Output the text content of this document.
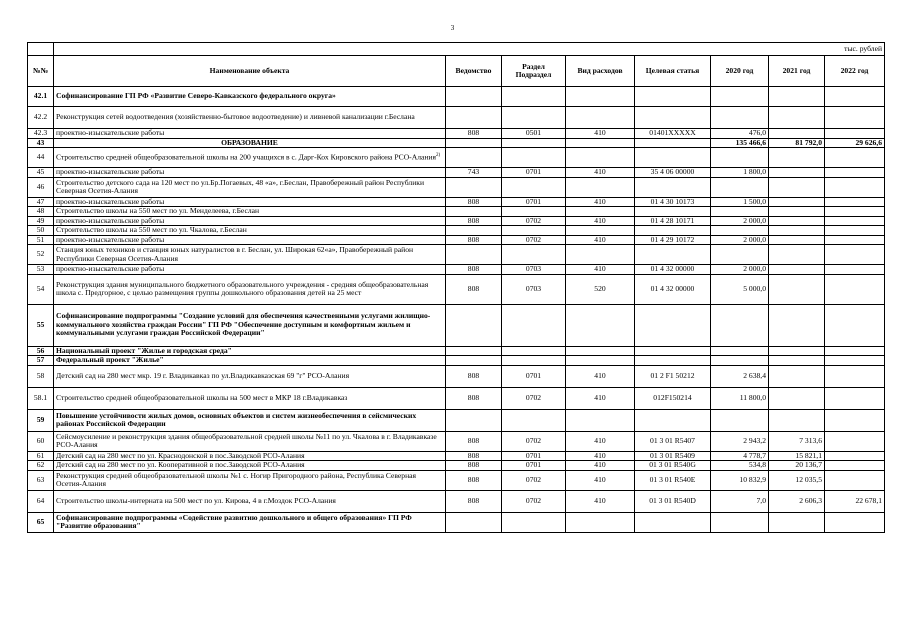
3
	тыс. рублей							
№№	Наименование объекта	Ведомство	Раздел Подраздел	Вид расходов	Целевая статья	2020 год	2021 год	2022 год
42.1	Софинансирование ГП РФ «Развитие Северо-Кавказского федерального округа»							
42.2	Реконструкция сетей водоотведения (хозяйственно-бытовое водоотведение) и ливневой канализации г.Беслана							
42.3	проектно-изыскательские работы	808	0501	410	01401XXXXX	476,0		
43	ОБРАЗОВАНИЕ					135 466,6	81 792,0	29 626,6
44	Строительство средней общеобразовательной школы на 200 учащихся в с. Дарг-Кох Кировского района РСО-Алания$^{2)}$							
45	проектно-изыскательские работы	743	0701	410	35 4 06 00000	1 800,0		
46	Строительство детского сада на 120 мест по ул.Бр.Погаевых, 48 «а», г.Беслан, Правобережный район Республики Северная Осетия-Алания							
47	проектно-изыскательские работы	808	0701	410	01 4 30 10173	1 500,0		
48	Строительство школы на 550 мест по ул. Менделеева, г.Беслан							
49	проектно-изыскательские работы	808	0702	410	01 4 28 10171	2 000,0		
50	Строительство школы на 550 мест по ул. Чкалова, г.Беслан							
51	проектно-изыскательские работы	808	0702	410	01 4 29 10172	2 000,0		
52	Станция юных техников и станция юных натуралистов в г. Беслан, ул. Широкая 62«а», Правобережный район Республики Северная Осетия-Алания							
53	проектно-изыскательские работы	808	0703	410	01 4 32 00000	2 000,0		
54	Реконструкция здания муниципального бюджетного образовательного учреждения - средняя общеобразовательная школа с. Предгорное, с целью размещения группы дошкольного образования детей на 25 мест	808	0703	520	01 4 32 00000	5 000,0		
55	Софинансирование подпрограммы "Создание условий для обеспечения качественными услугами жилищно-коммунального хозяйства граждан России" ГП РФ "Обеспечение доступным и комфортным жильем и коммунальными услугами граждан Российской Федерации"							
56	Национальный проект "Жилье и городская среда"							
57	Федеральный проект "Жилье"							
58	Детский сад на 280 мест мкр. 19 г. Владикавказ по ул.Владикавказская 69 "г" РСО-Алания	808	0701	410	01 2 F1 50212	2 638,4		
58.1	Строительство средней общеобразовательной школы на 500 мест в МКР 18 г.Владикавказ	808	0702	410	012F150214	11 800,0		
59	Повышение устойчивости жилых домов, основных объектов и систем жизнеобеспечения в сейсмических районах Российской Федерации							
60	Сейсмоусиление и реконструкция здания общеобразовательной средней школы №11 по ул. Чкалова в г. Владикавказе РСО-Алания	808	0702	410	01 3 01 R5407	2 943,2	7 313,6	
61	Детский сад на 280 мест по ул. Краснодонской в пос.Заводской РСО-Алания	808	0701	410	01 3 01 R5409	4 778,7	15 821,1	
62	Детский сад на 280 мест по ул. Кооперативной в пос.Заводской РСО-Алания	808	0701	410	01 3 01 R540G	534,8	20 136,7	
63	Реконструкция средней общеобразовательной школы №1 с. Ногир Пригородного района, Республика Северная Осетия-Алания	808	0702	410	01 3 01 R540E	10 832,9	12 035,5	
64	Строительство школы-интерната на 500 мест по ул. Кирова, 4 в г.Моздок РСО-Алания	808	0702	410	01 3 01 R540D	7,0	2 606,3	22 678,1
65	Софинансирование подпрограммы «Содействие развитию дошкольного и общего образования» ГП РФ "Развитие образования"							
